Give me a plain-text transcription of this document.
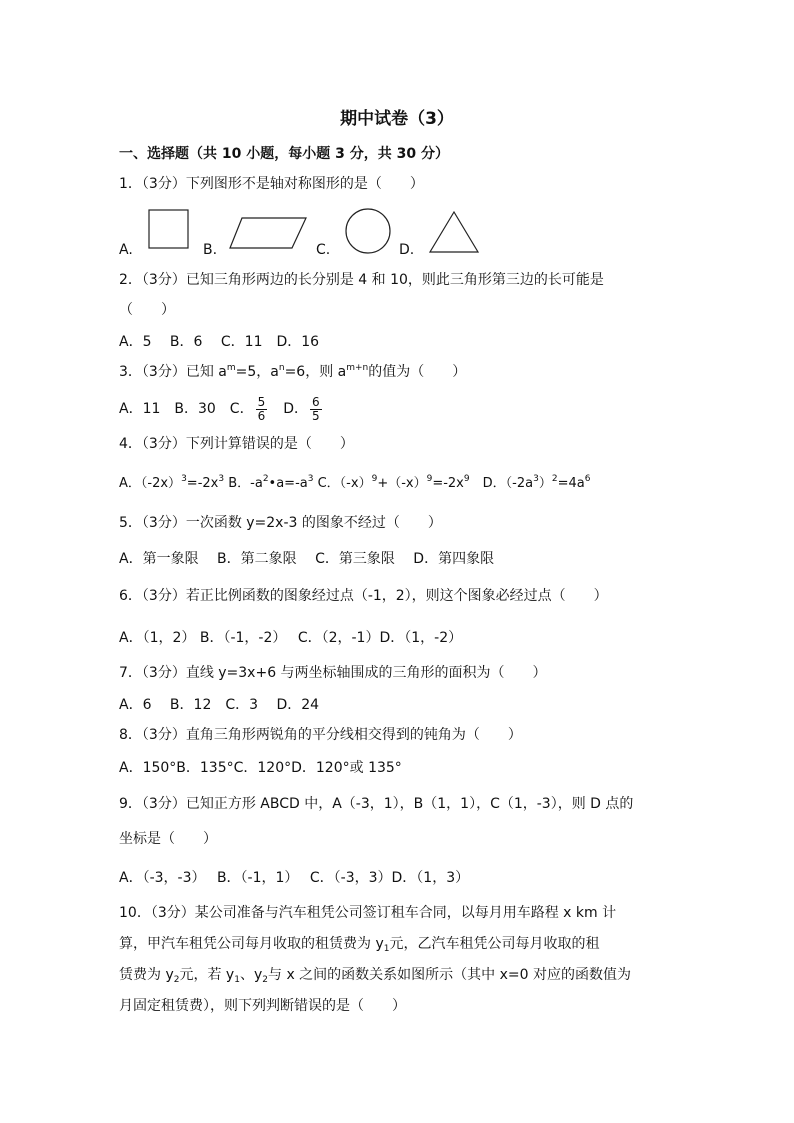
期中试卷（3）
一、选择题（共 10 小题，每小题 3 分，共 30 分）
1．（3分）下列图形不是轴对称图形的是（　　）
A.	B.	C.	D.
2．（3分）已知三角形两边的长分别是 4 和 10，则此三角形第三边的长可能是
（　　）
A．5　 B．6　 C．11　D．16
3．（3分）已知 $a^m=5$，$a^n=6$，则 $a^{m+n}$的值为（　　）
A．11　B．30　C． $\frac{5}{6}$ 　D． $\frac{6}{5}$
4．（3分）下列计算错误的是（　　）
A．$(-2x)^3=-2x^3$ B．$-a^2•a=-a^3$ C．$(-x)^9+(-x)^9=-2x^9$　D．$(-2a^3)^2=4a^6$
5．（3分）一次函数 y=2x-3 的图象不经过（　　）
A．第一象限　 B．第二象限　 C．第三象限　 D．第四象限
6．（3分）若正比例函数的图象经过点（-1，2），则这个图象必经过点（　　）
A．（1，2） B．（-1，-2）　 C．（2，-1）D．（1，-2）
7．（3分）直线 y=3x+6 与两坐标轴围成的三角形的面积为（　　）
A．6　 B．12　C．3　 D．24
8．（3分）直角三角形两锐角的平分线相交得到的钝角为（　　）
A．150°B．135°C．120°D．120°或 135°
9．（3分）已知正方形 ABCD 中，A（-3，1），B（1，1），C（1，-3），则 D 点的
坐标是（　　）
A．（-3，-3）　 B．（-1，1）　 C．（-3，3）D．（1，3）
10．（3分）某公司准备与汽车租凭公司签订租车合同，以每月用车路程 x km 计
算，甲汽车租凭公司每月收取的租赁费为 $y_1$元，乙汽车租凭公司每月收取的租
赁费为 $y_2$元，若 $y_1$、$y_2$与 x 之间的函数关系如图所示（其中 x=0 对应的函数值为
月固定租赁费），则下列判断错误的是（　　）
